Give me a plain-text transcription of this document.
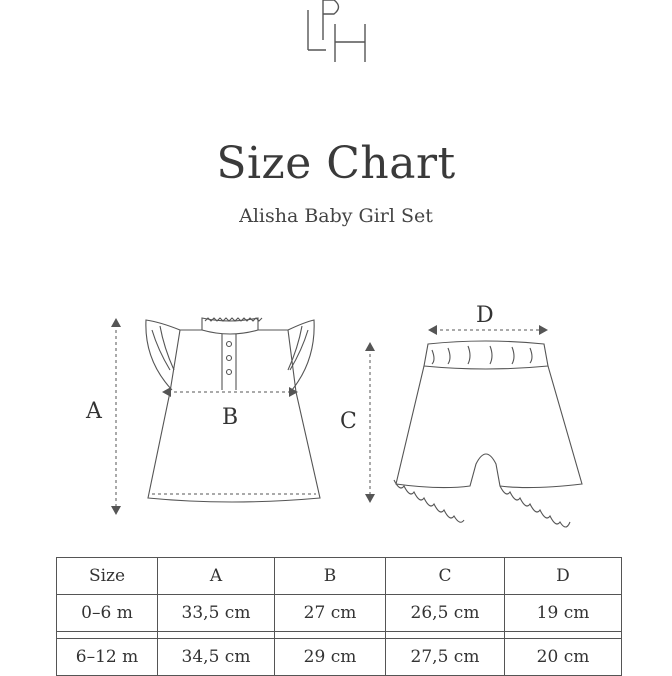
Size Chart
Alisha Baby Girl Set
A	B	C
D
Size	A	B	C	D
0–6 m	33,5 cm	27 cm	26,5 cm	19 cm

6–12 m	34,5 cm	29 cm	27,5 cm	20 cm
